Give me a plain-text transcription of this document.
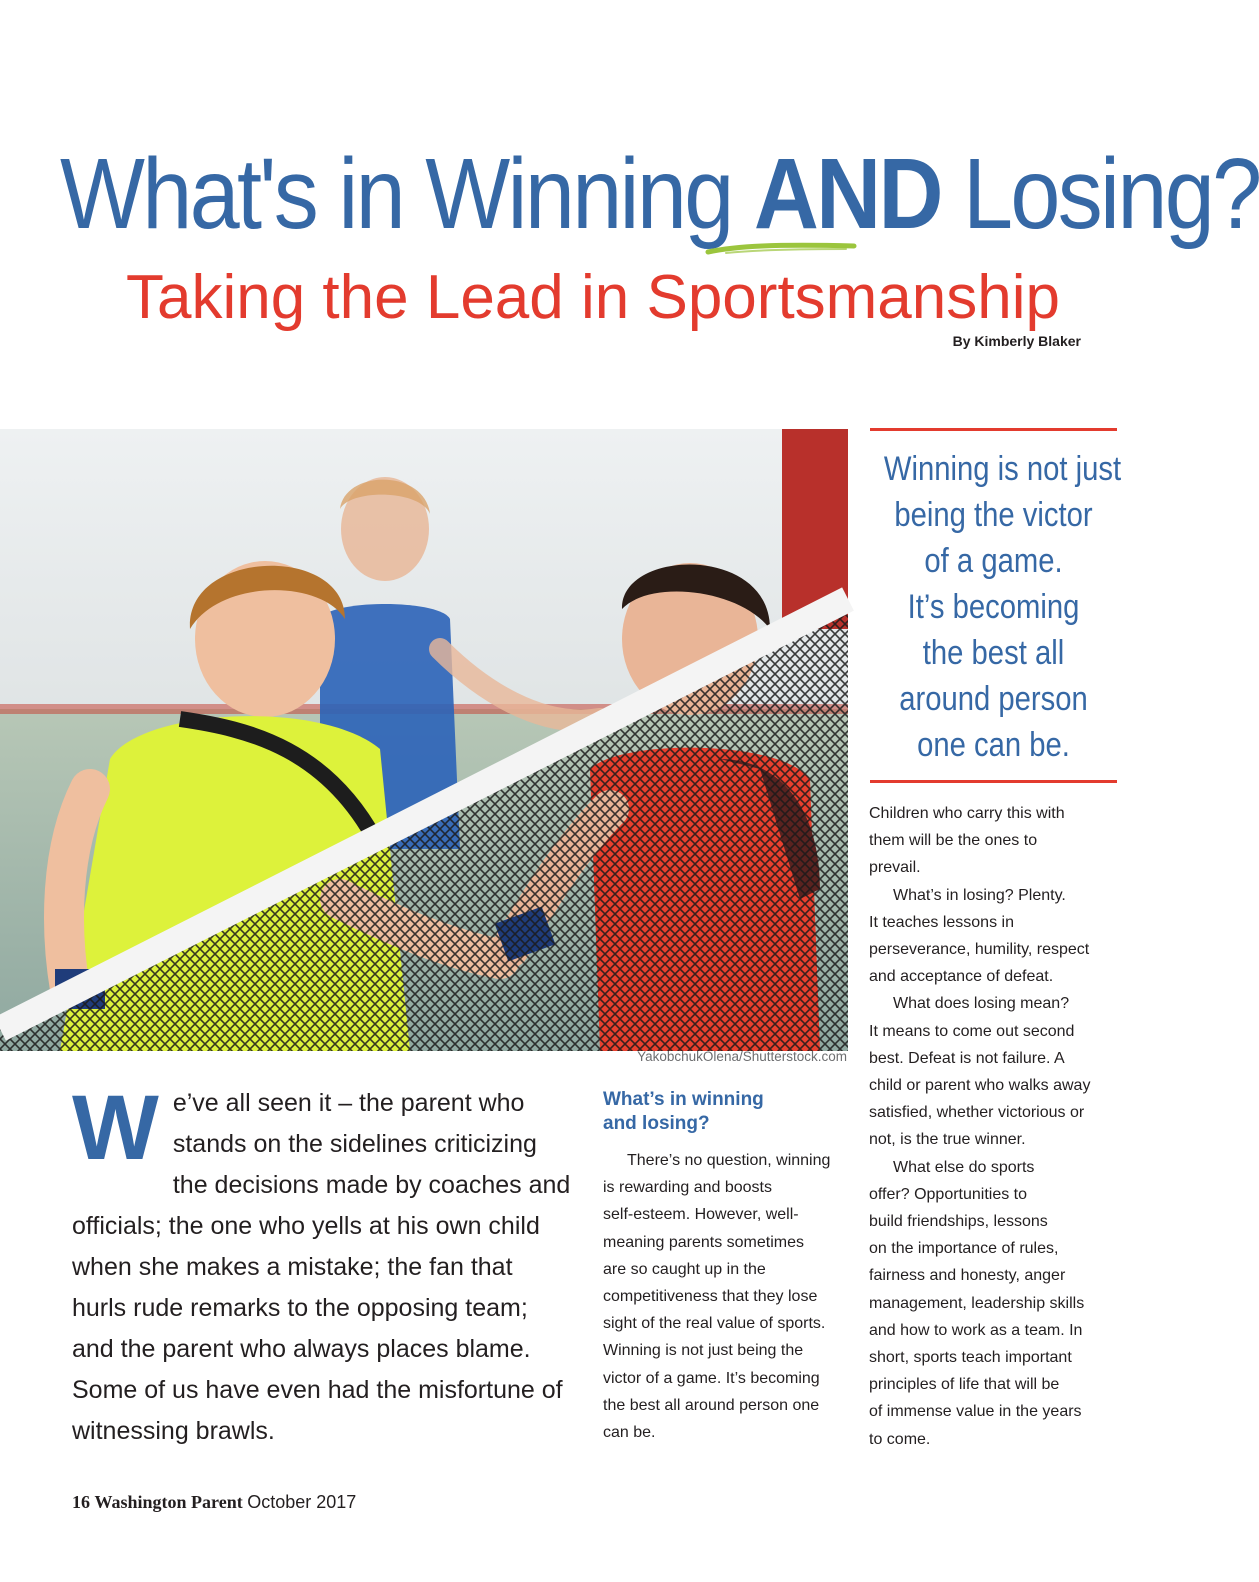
What's in Winning AND Losing?
Taking the Lead in Sportsmanship
By Kimberly Blaker
YakobchukOlena/Shutterstock.com
Winning is not just
being the victor
of a game.
It’s becoming
the best all
around person
one can be.
We’ve all seen it – the parent who stands on the sidelines criticizing the decisions made by coaches and officials; the one who yells at his own child when she makes a mistake; the fan that hurls rude remarks to the opposing team; and the parent who always places blame. Some of us have even had the misfortune of witnessing brawls.
What’s in winning
and losing?
There’s no question, winning
is rewarding and boosts
self-esteem. However, well-
meaning parents sometimes
are so caught up in the
competitiveness that they lose
sight of the real value of sports.
Winning is not just being the
victor of a game. It’s becoming
the best all around person one
can be.
Children who carry this with
them will be the ones to
prevail.
What’s in losing? Plenty.
It teaches lessons in
perseverance, humility, respect
and acceptance of defeat.
What does losing mean?
It means to come out second
best. Defeat is not failure. A
child or parent who walks away
satisfied, whether victorious or
not, is the true winner.
What else do sports
offer? Opportunities to
build friendships, lessons
on the importance of rules,
fairness and honesty, anger
management, leadership skills
and how to work as a team. In
short, sports teach important
principles of life that will be
of immense value in the years
to come.
16 Washington Parent October 2017
